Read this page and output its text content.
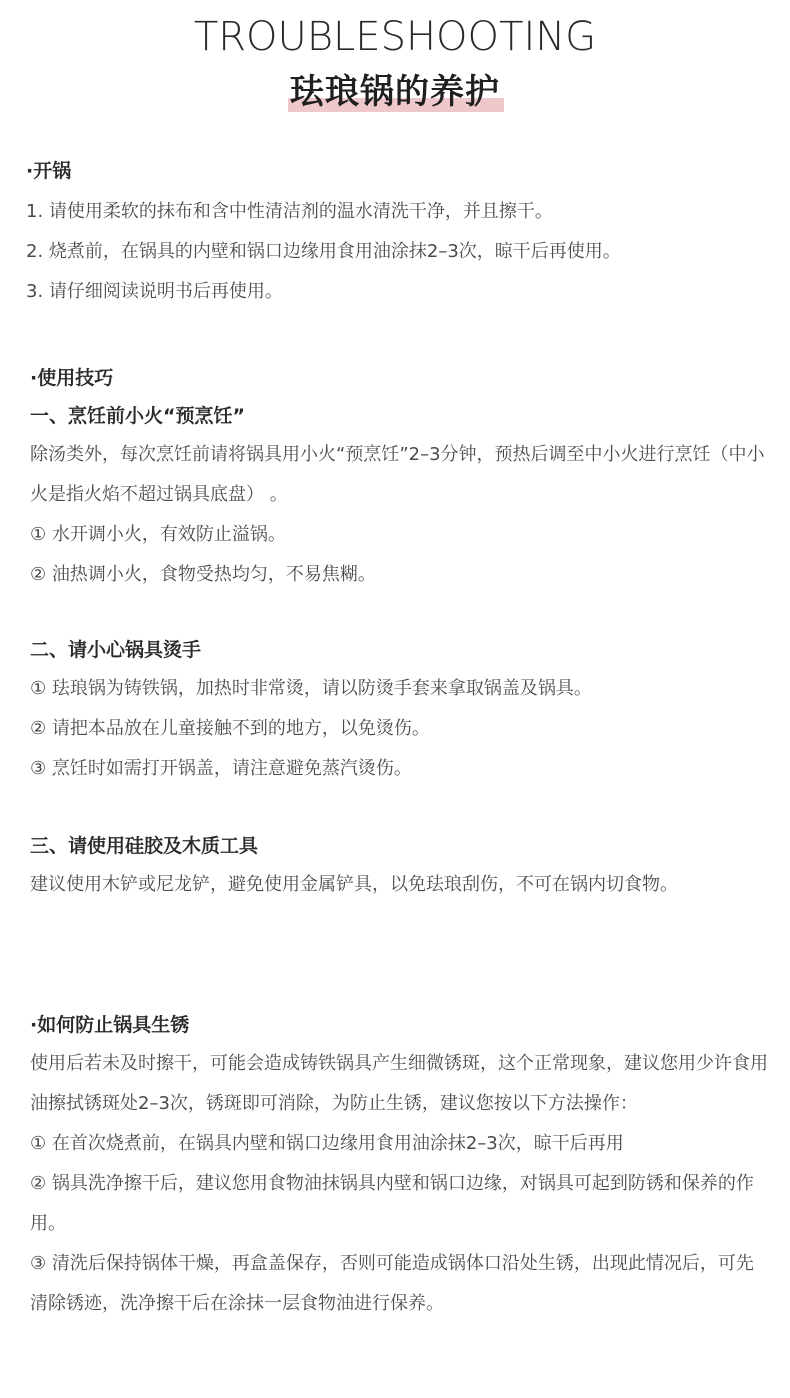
TROUBLESHOOTING
珐琅锅的养护
·开锅
1. 请使用柔软的抹布和含中性清洁剂的温水清洗干净，并且擦干。
2. 烧煮前，在锅具的内壁和锅口边缘用食用油涂抹2–3次，晾干后再使用。
3. 请仔细阅读说明书后再使用。
·使用技巧
一、烹饪前小火“预烹饪”
除汤类外，每次烹饪前请将锅具用小火“预烹饪”2–3分钟，预热后调至中小火进行烹饪（中小火是指火焰不超过锅具底盘） 。
① 水开调小火，有效防止溢锅。
② 油热调小火，食物受热均匀，不易焦糊。
二、请小心锅具烫手
① 珐琅锅为铸铁锅，加热时非常烫，请以防烫手套来拿取锅盖及锅具。
② 请把本品放在儿童接触不到的地方，以免烫伤。
③ 烹饪时如需打开锅盖，请注意避免蒸汽烫伤。
三、请使用硅胶及木质工具
建议使用木铲或尼龙铲，避免使用金属铲具，以免珐琅刮伤，不可在锅内切食物。
·如何防止锅具生锈
使用后若未及时擦干，可能会造成铸铁锅具产生细微锈斑，这个正常现象，建议您用少许食用油擦拭锈斑处2–3次，锈斑即可消除，为防止生锈，建议您按以下方法操作：
① 在首次烧煮前，在锅具内壁和锅口边缘用食用油涂抹2–3次，晾干后再用
② 锅具洗净擦干后，建议您用食物油抹锅具内壁和锅口边缘，对锅具可起到防锈和保养的作用。
③ 清洗后保持锅体干燥，再盒盖保存，否则可能造成锅体口沿处生锈，出现此情况后，可先清除锈迹，洗净擦干后在涂抹一层食物油进行保养。
